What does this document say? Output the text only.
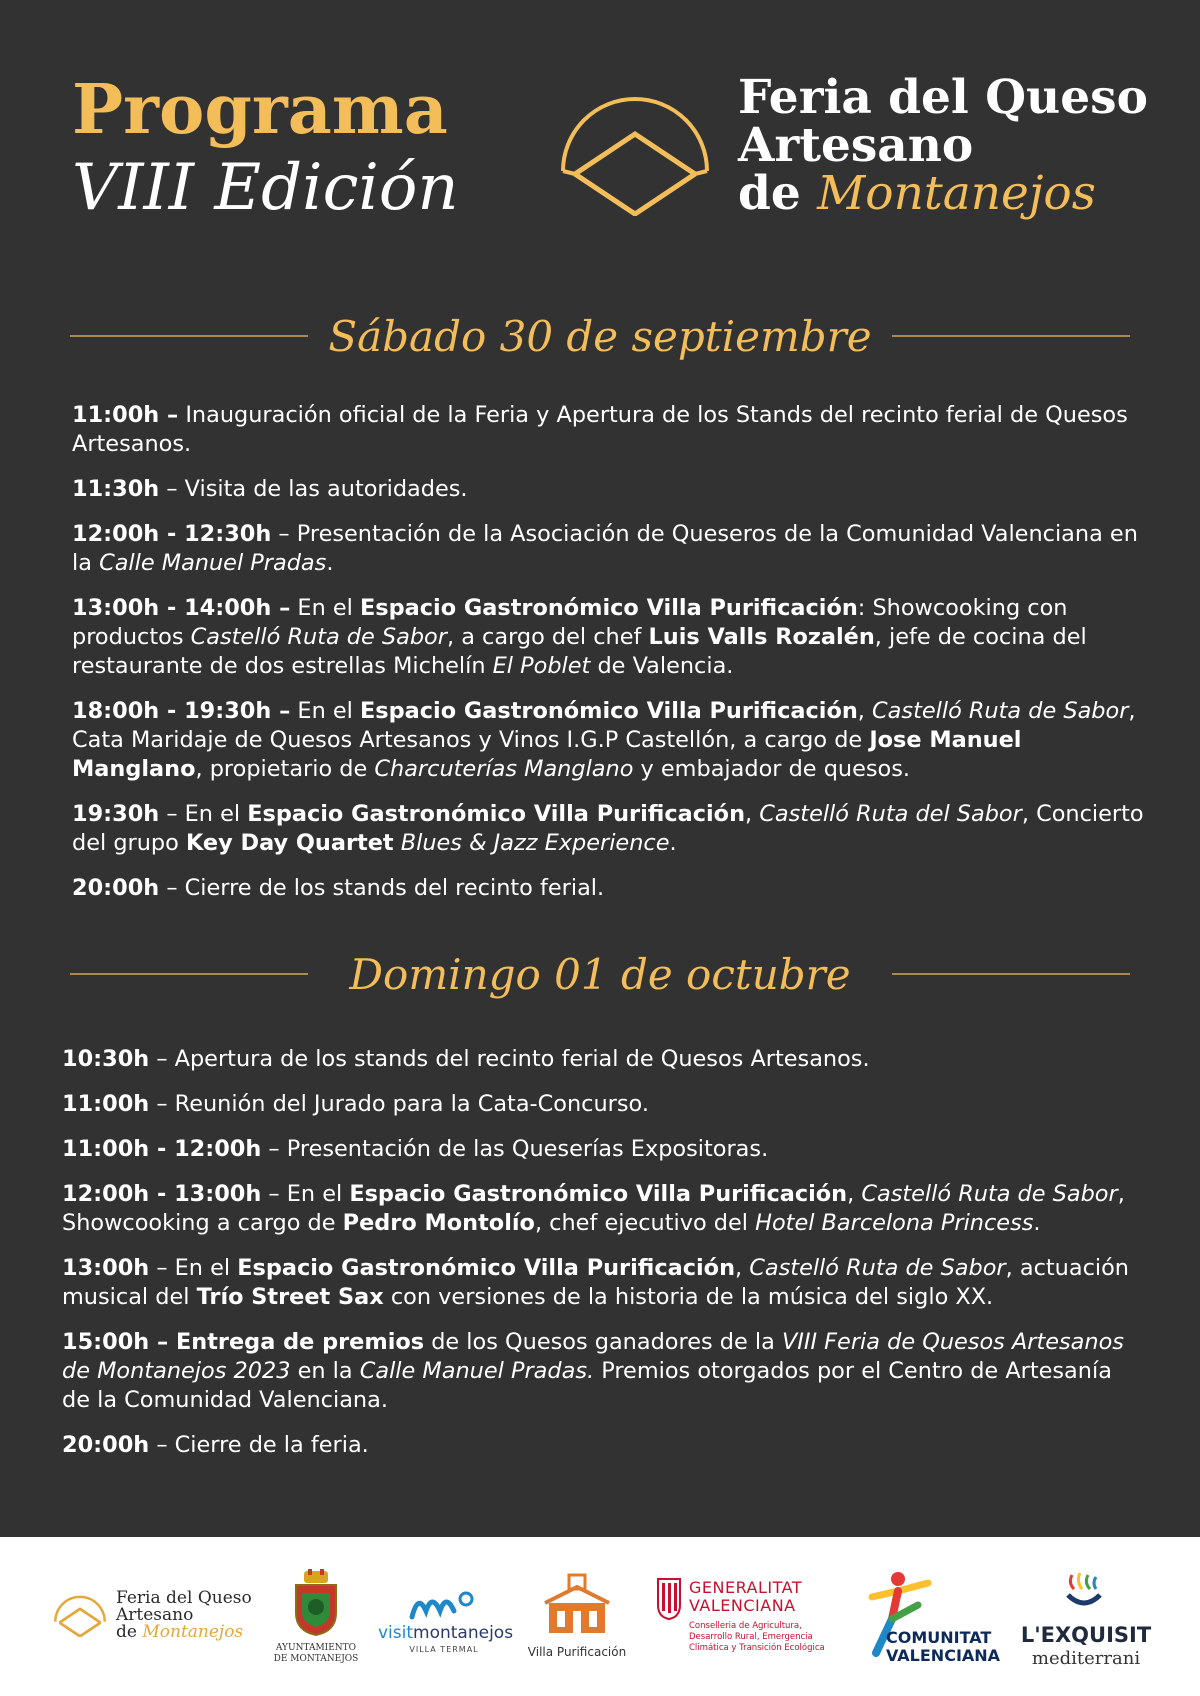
Programa
VIII Edición
Feria del Queso
Artesano
de Montanejos
Sábado 30 de septiembre

11:00h – Inauguración oficial de la Feria y Apertura de los Stands del recinto ferial de Quesos Artesanos.

11:30h – Visita de las autoridades.

12:00h - 12:30h – Presentación de la Asociación de Queseros de la Comunidad Valenciana en la Calle Manuel Pradas.

13:00h - 14:00h – En el Espacio Gastronómico Villa Purificación: Showcooking con productos Castelló Ruta de Sabor, a cargo del chef Luis Valls Rozalén, jefe de cocina del restaurante de dos estrellas Michelín El Poblet de Valencia.

18:00h - 19:30h – En el Espacio Gastronómico Villa Purificación, Castelló Ruta de Sabor, Cata Maridaje de Quesos Artesanos y Vinos I.G.P Castellón, a cargo de Jose Manuel Manglano, propietario de Charcuterías Manglano y embajador de quesos.

19:30h – En el Espacio Gastronómico Villa Purificación, Castelló Ruta del Sabor, Concierto del grupo Key Day Quartet Blues & Jazz Experience.

20:00h – Cierre de los stands del recinto ferial.

Domingo 01 de octubre

10:30h – Apertura de los stands del recinto ferial de Quesos Artesanos.

11:00h – Reunión del Jurado para la Cata-Concurso.

11:00h - 12:00h – Presentación de las Queserías Expositoras.

12:00h - 13:00h – En el Espacio Gastronómico Villa Purificación, Castelló Ruta de Sabor, Showcooking a cargo de Pedro Montolío, chef ejecutivo del Hotel Barcelona Princess.

13:00h – En el Espacio Gastronómico Villa Purificación, Castelló Ruta de Sabor, actuación musical del Trío Street Sax con versiones de la historia de la música del siglo XX.

15:00h – Entrega de premios de los Quesos ganadores de la VIII Feria de Quesos Artesanos de Montanejos 2023 en la Calle Manuel Pradas. Premios otorgados por el Centro de Artesanía de la Comunidad Valenciana.

20:00h – Cierre de la feria.

Feria del Queso
Artesano
de Montanejos
AYUNTAMIENTO
DE MONTANEJOS
visitmontanejos
VILLA TERMAL	Villa Purificación
GENERALITAT
VALENCIANA
Conselleria de Agricultura,
Desarrollo Rural, Emergencia
Climática y Transición Ecológica
COMUNITAT
VALENCIANA
L'EXQUISIT
mediterrani
